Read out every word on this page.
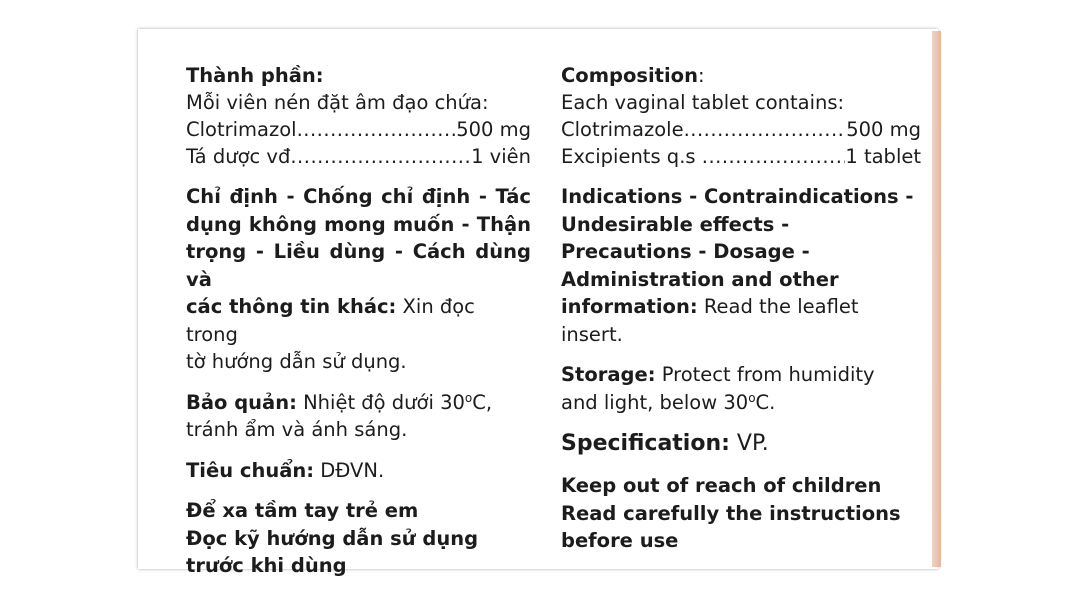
Thành phần:

Mỗi viên nén đặt âm đạo chứa:

Clotrimazol .....	500 mg
Tá dược vđ .....	1 viên

Chỉ định - Chống chỉ định - Tác

dụng không mong muốn - Thận

trọng - Liều dùng - Cách dùng và

các thông tin khác: Xin đọc trong

tờ hướng dẫn sử dụng.

Bảo quản: Nhiệt độ dưới 30$^o$C,

tránh ẩm và ánh sáng.

Tiêu chuẩn: DĐVN.

Để xa tầm tay trẻ em

Đọc kỹ hướng dẫn sử dụng

trước khi dùng

Composition:

Each vaginal tablet contains:

Clotrimazole .....	500 mg
Excipients q.s .....	1 tablet

Indications - Contraindications -

Undesirable effects -

Precautions - Dosage -

Administration and other

information: Read the leaflet insert.

Storage: Protect from humidity

and light, below 30$^o$C.

Specification: VP.

Keep out of reach of children

Read carefully the instructions

before use
